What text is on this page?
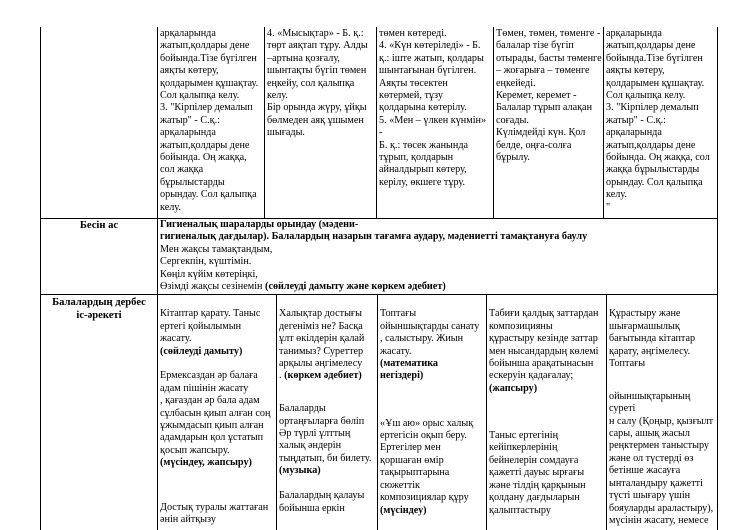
арқаларында
жатып,қолдары дене
бойында.Тізе бүгілген
аяқты көтеру,
қолдарымен құшақтау.
Сол қалыпқа келу.
3. "Кірпілер демалып
жатыр" - С.қ.:
арқаларында
жатып,қолдары дене
бойында. Оң жаққа,
сол жаққа
бұрылыстарды
орындау. Сол қалыпқа
келу.
4. «Мысықтар» - Б. қ.:
төрт аяқтап тұру. Алды
–артына қозғалу,
шынтақты бүгіп төмен
еңкейу, сол қалыпқа
келу.
Бір орында жүру, ұйқы
бөлмеден аяқ ұшымен
шығады.
төмен көтереді.
4. «Күн көтеріледі» - Б.
қ.: іште жатып, қолдары
шынтағынан бүгілген.
Аяқты төсектен
көтермей, тұзу
қолдарына көтерілу.
5. «Мен – үлкен күнмін» -
Б. қ.: төсек жанында
тұрып, қолдарын
айналдырып көтеру,
керілу, өкшеге тұру.
Төмен, төмен, төменге -
балалар тізе бүгіп
отырады, басты төменге
– жоғарыға – төменге
еңкейеді.
Керемет, керемет -
Балалар тұрып алақан
соғады.
Күлімдейді күн. Қол
белде, оңға-солға
бұрылу.
арқаларында
жатып,қолдары дене
бойында.Тізе бүгілген
аяқты көтеру,
қолдарымен құшақтау.
Сол қалыпқа келу.
3. "Кірпілер демалып
жатыр" - С.қ.:
арқаларында
жатып,қолдары дене
бойында. Оң жаққа, сол
жаққа бұрылыстарды
орындау. Сол қалыпқа
келу.
"
Бесін ас	Гигиеналық шараларды орындау (мәдени-
гигиеналық дағдылар). Балалардың назарын тағамға аудару, мәдениетті тамақтануға баулу
Мен жақсы тамақтандым,
Сергекпін, күштімін.
Көңіл күйім көтеріңкі,
Өзімді жақсы сезінемін (сөйлеуді дамыту және көркем әдебиет)
Балалардың дербес
іс-әрекеті	Кітаптар қарату. Таныс
ертегі қойылымын
жасату.

(сөйлеуді дамыту)

Ермексаздан әр балаға
адам пішінін жасату
, қағаздан әр бала адам
сұлбасын қиып алған соң
ұжымдасып қиып алған
адамдарын қол ұстатып
қосып жапсыру.

(мүсіндеу, жапсыру)

Достық туралы жаттаған
әнін айтқызу

Халықтар достығы
дегеніміз не? Басқа
ұлт өкілдерін қалай
танимыз? Суреттер
арқылы әңгімелесу
. (көркем әдебиет)

Балаларды
ортаңғыларға бөліп
Әр түрлі ұлттың
халық әндерін
тыңдатып, би билету.

(музыка)

Балалардың қалауы
бойынша еркін

Топтағы
ойыншықтарды санату
, салыстыру. Жиын
жасату.

(математика
негіздері)

«Ұш аю» орыс халық
ертегісін оқып беру.
Ертегілер мен
қоршаған өмір
тақырыптарына
сюжеттік
композициялар құру

(мүсіндеу)

Табиғи қалдық заттардан
композицияны
құрастыру кезінде заттар
мен нысандардың көлемі
бойынша арақатынасын
ескеруін қадағалау;

(жапсыру)

Таныс ертегінің
кейіпкерлерінің
бейнелерін сомдауға
қажетті дауыс ырғағы
және тілдің қарқынын
қолдану дағдыларын
қалыптастыру

Құрастыру және
шығармашылық
бағытында кітаптар
қарату, әңгімелесу.
Топтағы

ойыншықтарының суреті
н салу (Қоңыр, қызғылт
сары, ашық жасыл
реңктермен таныстыру
және ол түстерді өз
бетінше жасауға
ынталандыру қажетті
түсті шығару үшін
бояуларды араластыру),
мүсінін жасату, немесе
